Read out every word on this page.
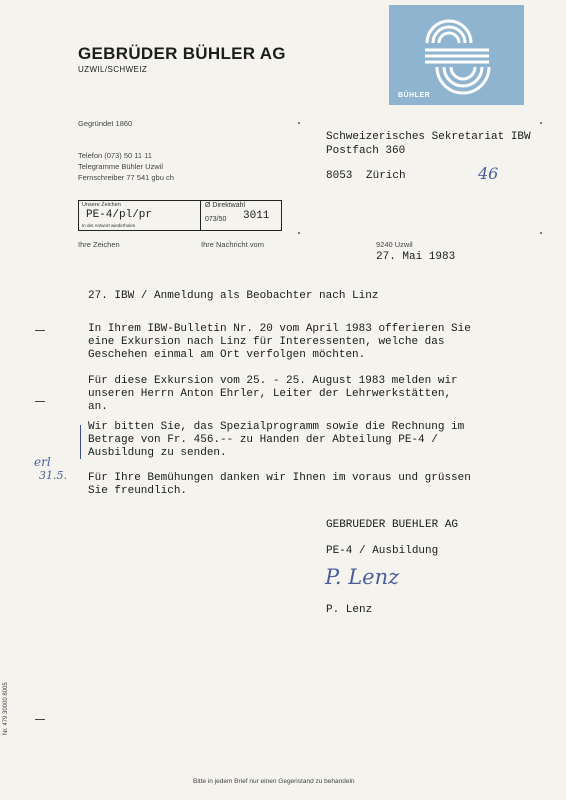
GEBRÜDER BÜHLER AG
UZWIL/SCHWEIZ
BÜHLER
Gegründet 1860
Telefon (073) 50 11 11
Telegramme Bühler Uzwil
Fernschreiber 77 541 gbu ch
Schweizerisches Sekretariat IBW
Postfach 360
8053 Zürich	46
Unsere Zeichen
PE-4/pl/pr
In der Antwort wiederholen
Ø Direktwahl
073/50 3011
Ihre Zeichen	Ihre Nachricht vom	9240 Uzwil
27. Mai 1983
27. IBW / Anmeldung als Beobachter nach Linz
In Ihrem IBW-Bulletin Nr. 20 vom April 1983 offerieren Sie
eine Exkursion nach Linz für Interessenten, welche das
Geschehen einmal am Ort verfolgen möchten.
Für diese Exkursion vom 25. - 25. August 1983 melden wir
unseren Herrn Anton Ehrler, Leiter der Lehrwerkstätten,
an.
Wir bitten Sie, das Spezialprogramm sowie die Rechnung im
Betrage von Fr. 456.-- zu Handen der Abteilung PE-4 /
Ausbildung zu senden.
Für Ihre Bemühungen danken wir Ihnen im voraus und grüssen
Sie freundlich.
erl
31.5.
GEBRUEDER BUEHLER AG
PE-4 / Ausbildung
P. Lenz
P. Lenz
Bitte in jedem Brief nur einen Gegenstand zu behandeln
Nr. 479 30000 8005
